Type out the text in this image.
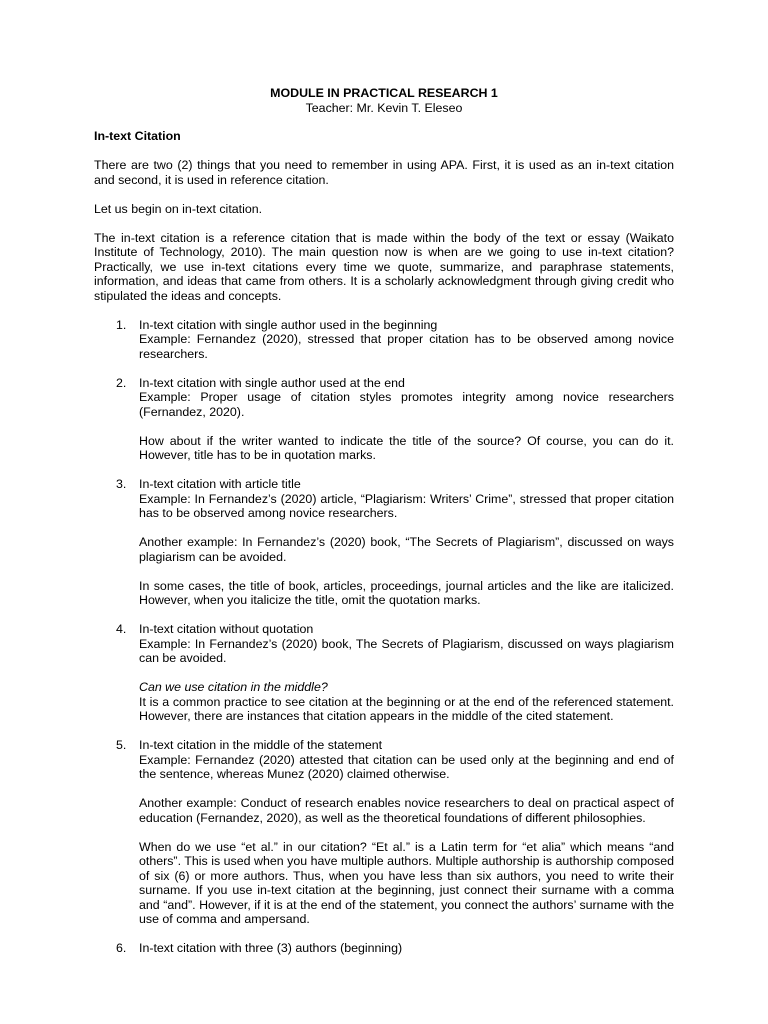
MODULE IN PRACTICAL RESEARCH 1

Teacher: Mr. Kevin T. Eleseo

In-text Citation

There are two (2) things that you need to remember in using APA. First, it is used as an in-text citation and second, it is used in reference citation.

Let us begin on in-text citation.

The in-text citation is a reference citation that is made within the body of the text or essay (Waikato Institute of Technology, 2010). The main question now is when are we going to use in-text citation? Practically, we use in-text citations every time we quote, summarize, and paraphrase statements, information, and ideas that came from others. It is a scholarly acknowledgment through giving credit who stipulated the ideas and concepts.

1. In-text citation with single author used in the beginning

Example: Fernandez (2020), stressed that proper citation has to be observed among novice researchers.

2. In-text citation with single author used at the end

Example: Proper usage of citation styles promotes integrity among novice researchers (Fernandez, 2020).

How about if the writer wanted to indicate the title of the source? Of course, you can do it. However, title has to be in quotation marks.

3. In-text citation with article title

Example: In Fernandez’s (2020) article, “Plagiarism: Writers’ Crime”, stressed that proper citation has to be observed among novice researchers.

Another example: In Fernandez’s (2020) book, “The Secrets of Plagiarism”, discussed on ways plagiarism can be avoided.

In some cases, the title of book, articles, proceedings, journal articles and the like are italicized. However, when you italicize the title, omit the quotation marks.

4. In-text citation without quotation

Example: In Fernandez’s (2020) book, The Secrets of Plagiarism, discussed on ways plagiarism can be avoided.

Can we use citation in the middle?
It is a common practice to see citation at the beginning or at the end of the referenced statement. However, there are instances that citation appears in the middle of the cited statement.

5. In-text citation in the middle of the statement

Example: Fernandez (2020) attested that citation can be used only at the beginning and end of the sentence, whereas Munez (2020) claimed otherwise.

Another example: Conduct of research enables novice researchers to deal on practical aspect of education (Fernandez, 2020), as well as the theoretical foundations of different philosophies.

When do we use “et al.” in our citation? “Et al.” is a Latin term for “et alia” which means “and others”. This is used when you have multiple authors. Multiple authorship is authorship composed of six (6) or more authors. Thus, when you have less than six authors, you need to write their surname. If you use in-text citation at the beginning, just connect their surname with a comma and “and”. However, if it is at the end of the statement, you connect the authors’ surname with the use of comma and ampersand.

6. In-text citation with three (3) authors (beginning)
